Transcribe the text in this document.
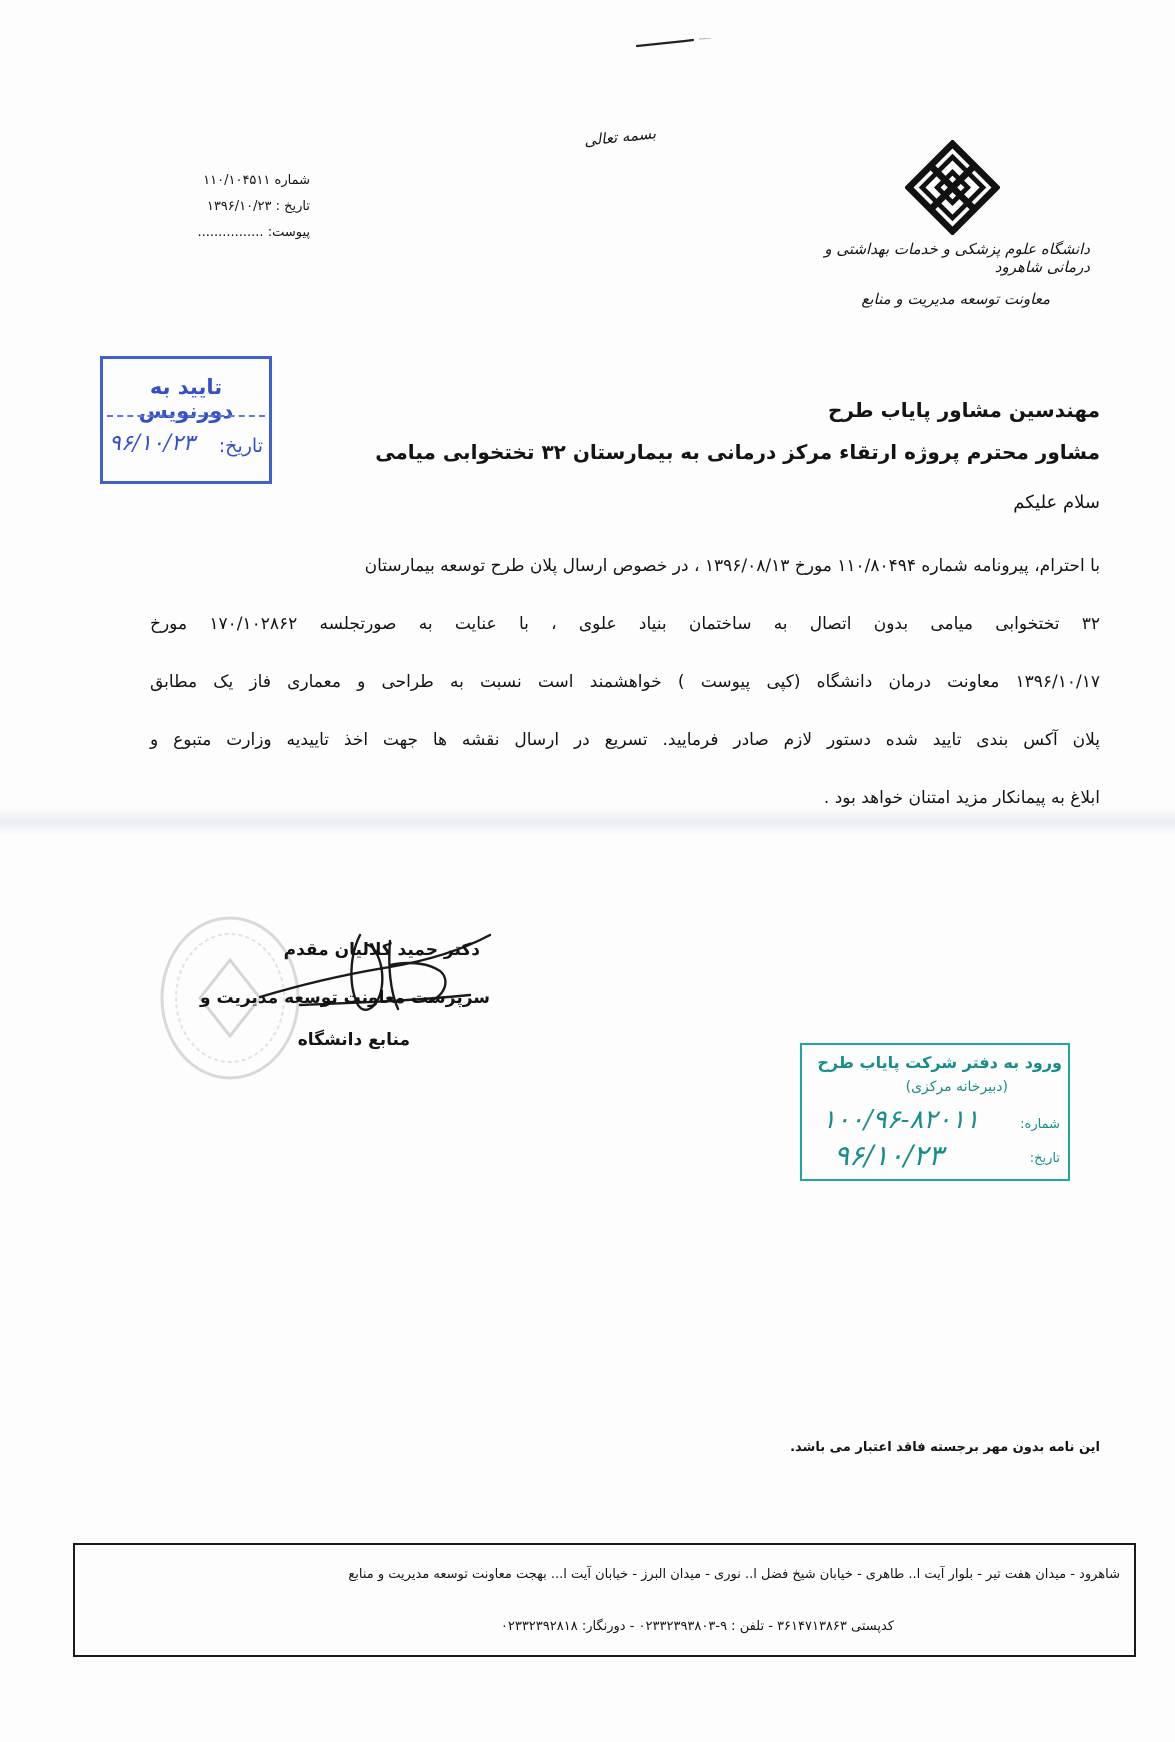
بسمه تعالی
دانشگاه علوم پزشکی و خدمات بهداشتی و درمانی شاهرود
معاونت توسعه مدیریت و منابع
شماره ۱۱۰/۱۰۴۵۱۱
تاریخ : ۱۳۹۶/۱۰/۲۳
پیوست: ................
تایید به دورنویس
تاریخ:
۹۶/۱۰/۲۳
مهندسین مشاور پایاب طرح
مشاور محترم پروژه ارتقاء مرکز درمانی به بیمارستان ۳۲ تختخوابی میامی
سلام علیکم
با احترام، پیرونامه شماره ۱۱۰/۸۰۴۹۴ مورخ ۱۳۹۶/۰۸/۱۳ ، در خصوص ارسال پلان طرح توسعه بیمارستان
۳۲ تختخوابی میامی بدون اتصال به ساختمان بنیاد علوی ، با عنایت به صورتجلسه ۱۷۰/۱۰۲۸۶۲ مورخ
۱۳۹۶/۱۰/۱۷ معاونت درمان دانشگاه (کپی پیوست ) خواهشمند است نسبت به طراحی و معماری فاز یک مطابق
پلان آکس بندی تایید شده دستور لازم صادر فرمایید. تسریع در ارسال نقشه ها جهت اخذ تاییدیه وزارت متبوع و
ابلاغ به پیمانکار مزید امتنان خواهد بود .
دکتر حمید کلالیان مقدم
سرپرست معاونت توسعه مدیریت و
منابع دانشگاه
ورود به دفتر شرکت پایاب طرح
(دبیرخانه مرکزی)
شماره:
۱۰۰/۹۶-۸۲۰۱۱
تاریخ:
۹۶/۱۰/۲۳
این نامه بدون مهر برجسته فاقد اعتبار می باشد.
شاهرود - میدان هفت تیر - بلوار آیت ا.. طاهری - خیابان شیخ فضل ا.. نوری - میدان البرز - خیابان آیت ا... بهجت معاونت توسعه مدیریت و منابع
کدپستی ۳۶۱۴۷۱۳۸۶۳ - تلفن : ۹-۰۲۳۳۲۳۹۳۸۰۳ - دورنگار: ۰۲۳۳۲۳۹۲۸۱۸
